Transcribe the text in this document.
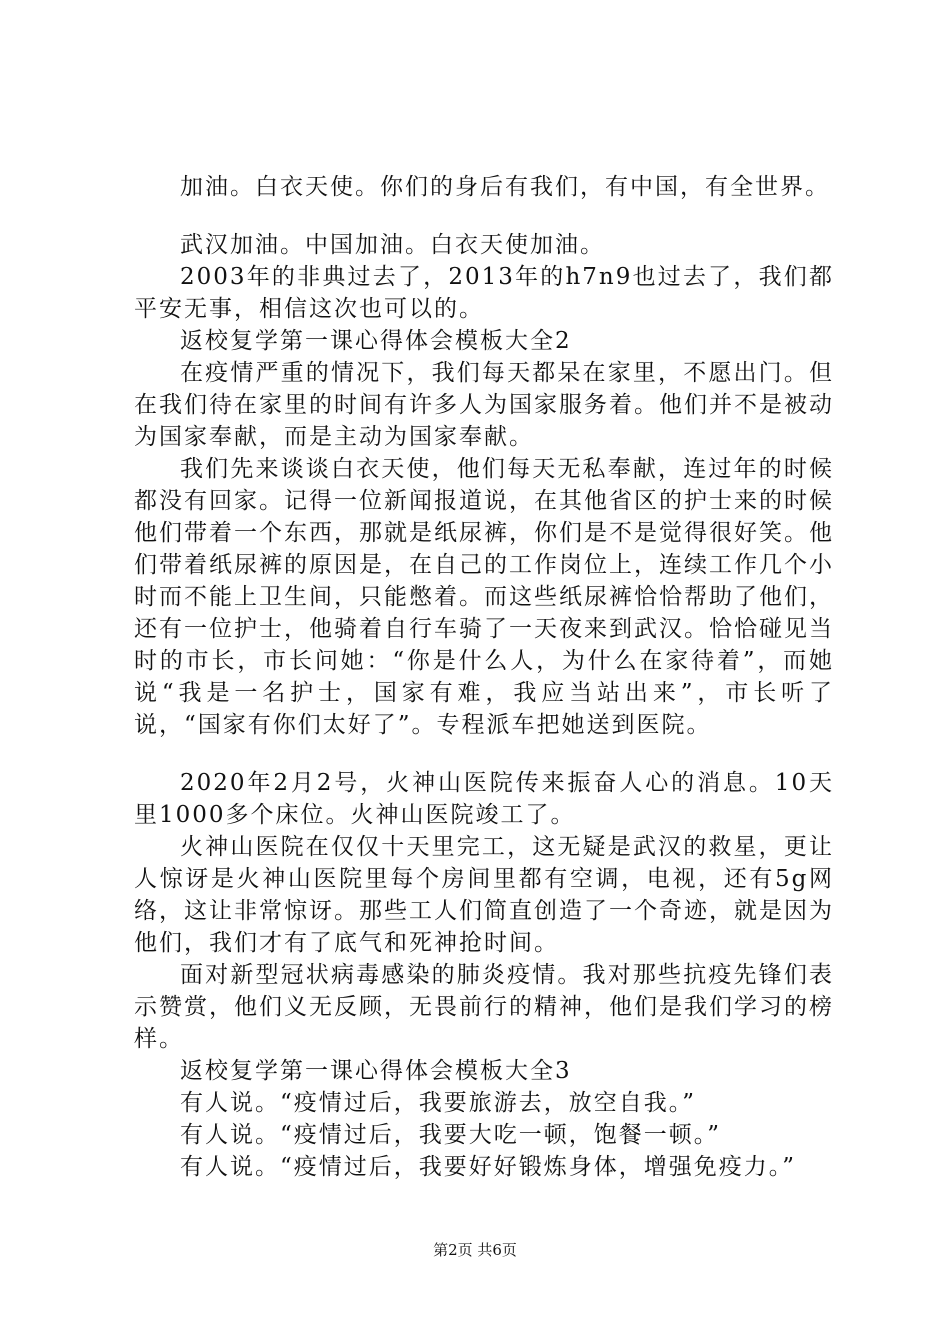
加油。白衣天使。你们的身后有我们，有中国，有全世界。

武汉加油。中国加油。白衣天使加油。

2003年的非典过去了，2013年的h7n9也过去了，我们都平安无事，相信这次也可以的。

返校复学第一课心得体会模板大全2

在疫情严重的情况下，我们每天都呆在家里，不愿出门。但在我们待在家里的时间有许多人为国家服务着。他们并不是被动为国家奉献，而是主动为国家奉献。

我们先来谈谈白衣天使，他们每天无私奉献，连过年的时候都没有回家。记得一位新闻报道说，在其他省区的护士来的时候他们带着一个东西，那就是纸尿裤，你们是不是觉得很好笑。他们带着纸尿裤的原因是，在自己的工作岗位上，连续工作几个小时而不能上卫生间，只能憋着。而这些纸尿裤恰恰帮助了他们，还有一位护士，他骑着自行车骑了一天夜来到武汉。恰恰碰见当时的市长，市长问她：“你是什么人，为什么在家待着”，而她说“我是一名护士，国家有难，我应当站出来”，市长听了说，“国家有你们太好了”。专程派车把她送到医院。

2020年2月2号，火神山医院传来振奋人心的消息。10天里1000多个床位。火神山医院竣工了。

火神山医院在仅仅十天里完工，这无疑是武汉的救星，更让人惊讶是火神山医院里每个房间里都有空调，电视，还有5g网络，这让非常惊讶。那些工人们简直创造了一个奇迹，就是因为他们，我们才有了底气和死神抢时间。

面对新型冠状病毒感染的肺炎疫情。我对那些抗疫先锋们表示赞赏，他们义无反顾，无畏前行的精神，他们是我们学习的榜样。

返校复学第一课心得体会模板大全3

有人说。“疫情过后，我要旅游去，放空自我。”

有人说。“疫情过后，我要大吃一顿，饱餐一顿。”

有人说。“疫情过后，我要好好锻炼身体，增强免疫力。”

第2页 共6页
